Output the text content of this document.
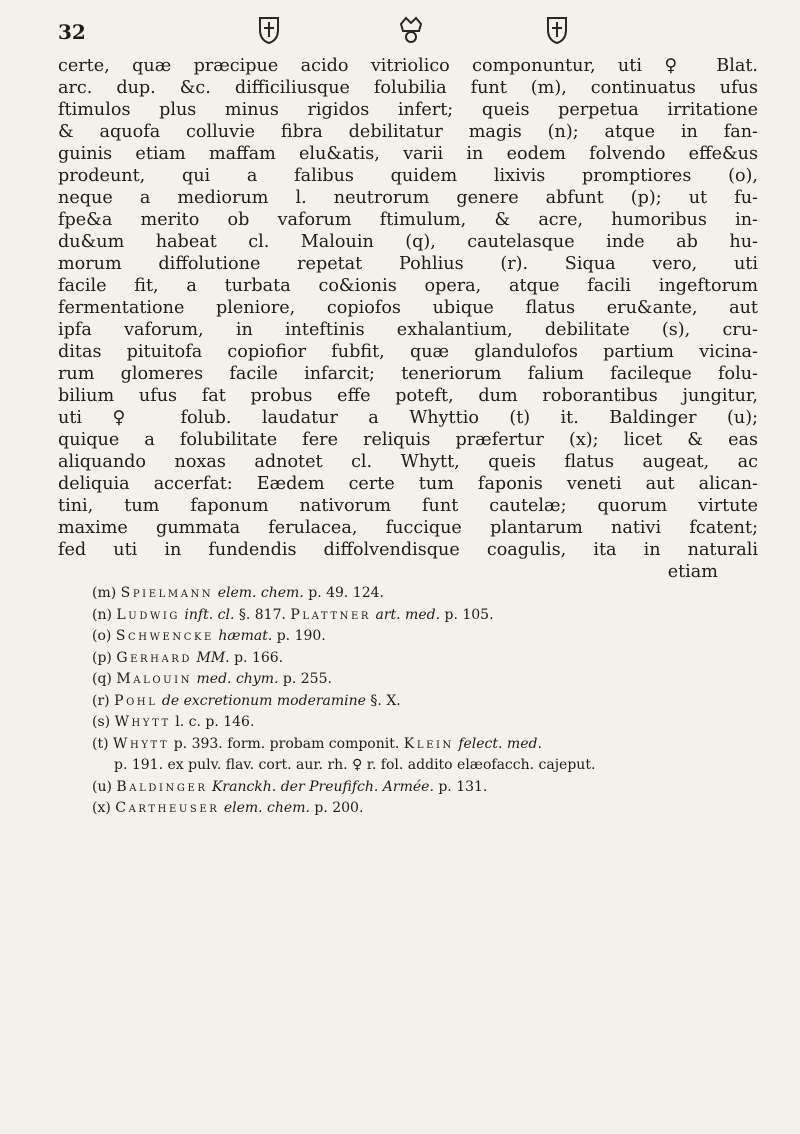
32
certe, quæ præcipue acido vitriolico componuntur, uti ♀ Blat.
arc. dup. &c. difficiliusque folubilia funt (m), continuatus ufus
ftimulos plus minus rigidos infert; queis perpetua irritatione
& aquofa colluvie fibra debilitatur magis (n); atque in fan-
guinis etiam maffam elu&atis, varii in eodem folvendo effe&us
prodeunt, qui a falibus quidem lixivis promptiores (o),
neque a mediorum l. neutrorum genere abfunt (p); ut fu-
fpe&a merito ob vaforum ftimulum, & acre, humoribus in-
du&um habeat cl. Malouin (q), cautelasque inde ab hu-
morum diffolutione repetat Pohlius (r). Siqua vero, uti
facile fit, a turbata co&ionis opera, atque facili ingeftorum
fermentatione pleniore, copiofos ubique flatus eru&ante, aut
ipfa vaforum, in inteftinis exhalantium, debilitate (s), cru-
ditas pituitofa copiofior fubfit, quæ glandulofos partium vicina-
rum glomeres facile infarcit; teneriorum falium facileque folu-
bilium ufus fat probus effe poteft, dum roborantibus jungitur,
uti ♀ folub. laudatur a Whyttio (t) it. Baldinger (u);
quique a folubilitate fere reliquis præfertur (x); licet & eas
aliquando noxas adnotet cl. Whytt, queis flatus augeat, ac
deliquia accerfat: Eædem certe tum faponis veneti aut alican-
tini, tum faponum nativorum funt cautelæ; quorum virtute
maxime gummata ferulacea, fuccique plantarum nativi fcatent;
fed uti in fundendis diffolvendisque coagulis, ita in naturali
etiam
(m) Spielmann elem. chem. p. 49. 124.
(n) Ludwig inft. cl. §. 817. Plattner art. med. p. 105.
(o) Schwencke hæmat. p. 190.
(p) Gerhard MM. p. 166.
(q) Malouin med. chym. p. 255.
(r) Pohl de excretionum moderamine §. X.
(s) Whytt l. c. p. 146.
(t) Whytt p. 393. form. probam componit. Klein felect. med.
p. 191. ex pulv. flav. cort. aur. rh. ♀ r. fol. addito elæofacch. cajeput.
(u) Baldinger Kranckh. der Preufifch. Armée. p. 131.
(x) Cartheuser elem. chem. p. 200.
